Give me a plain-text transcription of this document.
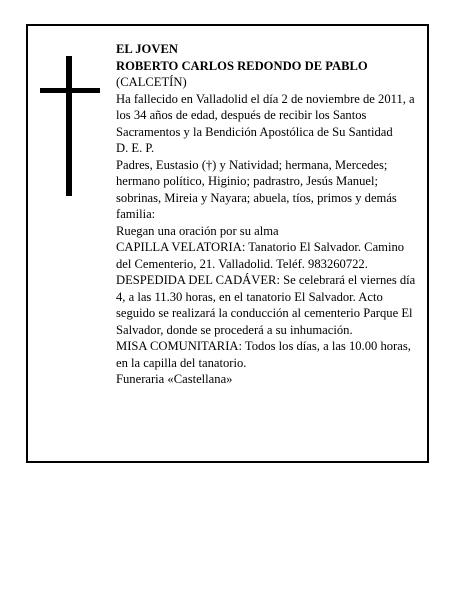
EL JOVEN

ROBERTO CARLOS REDONDO DE PABLO

(CALCETÍN)

Ha fallecido en Valladolid el día 2 de noviembre de 2011, a los 34 años de edad, después de recibir los Santos Sacramentos y la Bendición Apostólica de Su Santidad

D. E. P.

Padres, Eustasio (†) y Natividad; hermana, Mercedes; hermano político, Higinio; padrastro, Jesús Manuel; sobrinas, Mireia y Nayara; abuela, tíos, primos y demás familia:

Ruegan una oración por su alma

CAPILLA VELATORIA: Tanatorio El Salvador. Camino del Cementerio, 21. Valladolid. Teléf. 983260722.

DESPEDIDA DEL CADÁVER: Se celebrará el viernes día 4, a las 11.30 horas, en el tanatorio El Salvador. Acto seguido se realizará la conducción al cementerio Parque El Salvador, donde se procederá a su inhumación.

MISA COMUNITARIA: Todos los días, a las 10.00 horas, en la capilla del tanatorio.

Funeraria «Castellana»
